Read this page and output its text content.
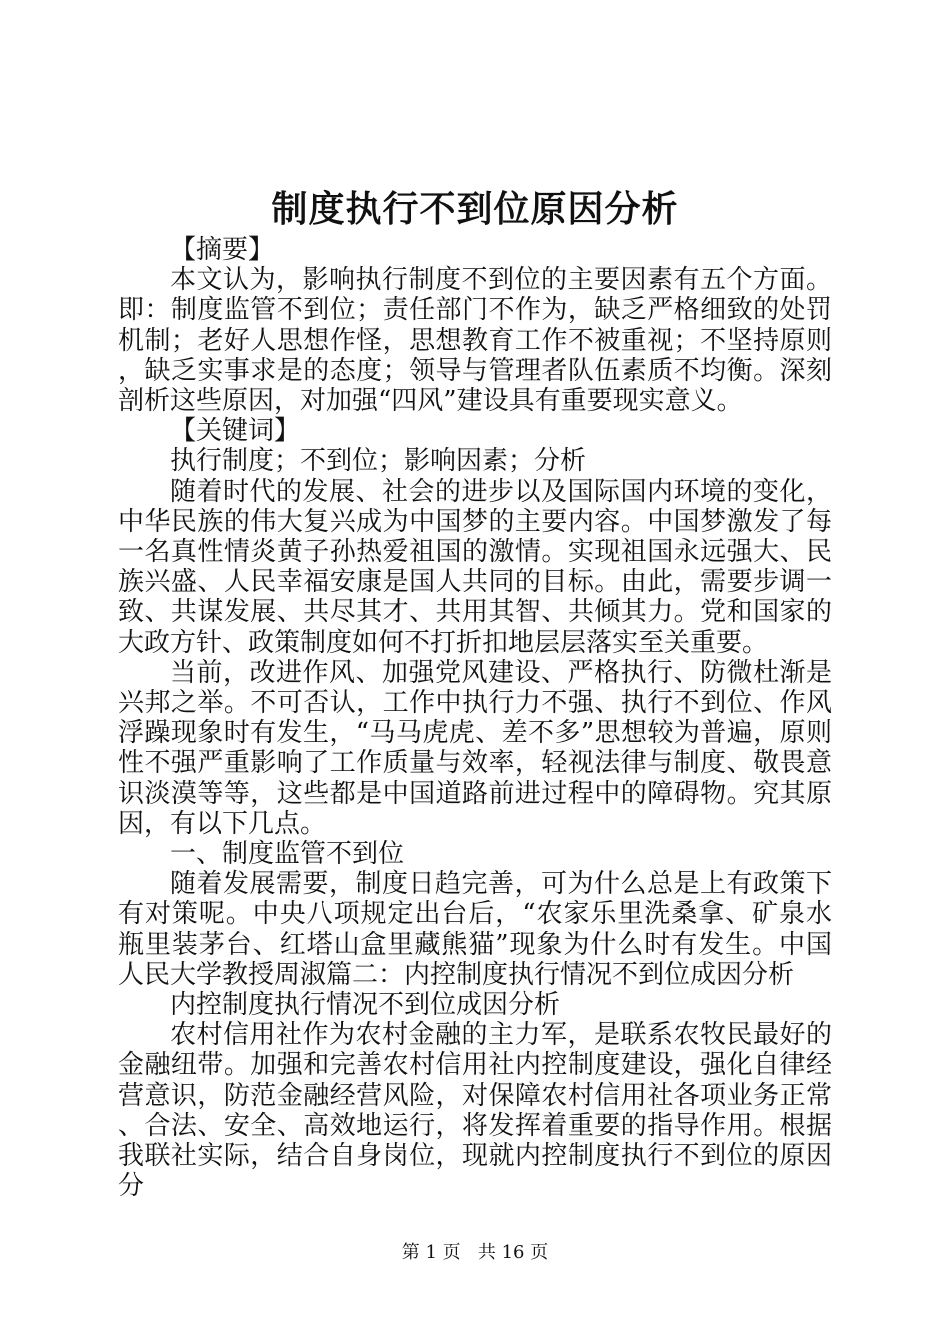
制度执行不到位原因分析

【摘要】

本文认为，影响执行制度不到位的主要因素有五个方面。即：制度监管不到位；责任部门不作为，缺乏严格细致的处罚机制；老好人思想作怪，思想教育工作不被重视；不坚持原则，缺乏实事求是的态度；领导与管理者队伍素质不均衡。深刻剖析这些原因，对加强“四风”建设具有重要现实意义。

【关键词】

执行制度；不到位；影响因素；分析

随着时代的发展、社会的进步以及国际国内环境的变化，中华民族的伟大复兴成为中国梦的主要内容。中国梦激发了每一名真性情炎黄子孙热爱祖国的激情。实现祖国永远强大、民族兴盛、人民幸福安康是国人共同的目标。由此，需要步调一致、共谋发展、共尽其才、共用其智、共倾其力。党和国家的大政方针、政策制度如何不打折扣地层层落实至关重要。

当前，改进作风、加强党风建设、严格执行、防微杜渐是兴邦之举。不可否认，工作中执行力不强、执行不到位、作风浮躁现象时有发生，“马马虎虎、差不多”思想较为普遍，原则性不强严重影响了工作质量与效率，轻视法律与制度、敬畏意识淡漠等等，这些都是中国道路前进过程中的障碍物。究其原因，有以下几点。

一、制度监管不到位

随着发展需要，制度日趋完善，可为什么总是上有政策下有对策呢。中央八项规定出台后，“农家乐里洗桑拿、矿泉水瓶里装茅台、红塔山盒里藏熊猫”现象为什么时有发生。中国人民大学教授周淑篇二：内控制度执行情况不到位成因分析

内控制度执行情况不到位成因分析

农村信用社作为农村金融的主力军，是联系农牧民最好的金融纽带。加强和完善农村信用社内控制度建设，强化自律经营意识，防范金融经营风险，对保障农村信用社各项业务正常、合法、安全、高效地运行，将发挥着重要的指导作用。根据我联社实际，结合自身岗位，现就内控制度执行不到位的原因分

第 1 页   共 16 页
